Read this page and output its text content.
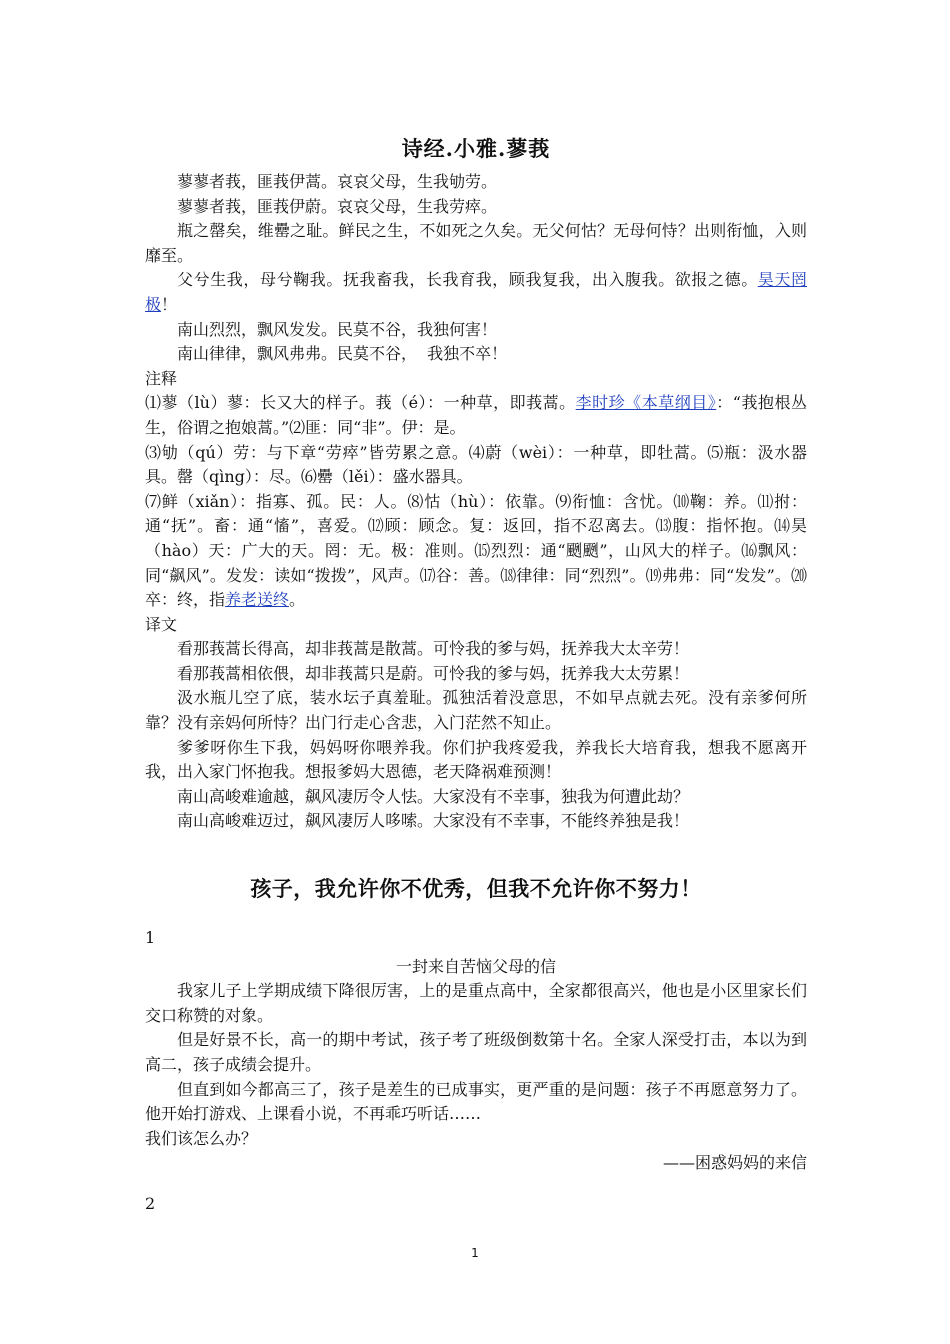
诗经.小雅.蓼莪

蓼蓼者莪，匪莪伊蒿。哀哀父母，生我劬劳。

蓼蓼者莪，匪莪伊蔚。哀哀父母，生我劳瘁。

瓶之罄矣，维罍之耻。鲜民之生，不如死之久矣。无父何怙？无母何恃？出则衔恤，入则靡至。

父兮生我，母兮鞠我。抚我畜我，长我育我，顾我复我，出入腹我。欲报之德。昊天罔极！

南山烈烈，飘风发发。民莫不谷，我独何害！

南山律律，飘风弗弗。民莫不谷，  我独不卒！

注释

⑴蓼（lù）蓼：长又大的样子。莪（é）：一种草，即莪蒿。李时珍《本草纲目》：“莪抱根丛生，俗谓之抱娘蒿。”⑵匪：同“非”。伊：是。

⑶劬（qú）劳：与下章“劳瘁”皆劳累之意。⑷蔚（wèi）：一种草，即牡蒿。⑸瓶：汲水器具。罄（qìng）：尽。⑹罍（lěi）：盛水器具。

⑺鲜（xiǎn）：指寡、孤。民：人。⑻怙（hù）：依靠。⑼衔恤：含忧。⑽鞠：养。⑾拊：通“抚”。畜：通“慉”，喜爱。⑿顾：顾念。复：返回，指不忍离去。⒀腹：指怀抱。⒁昊（hào）天：广大的天。罔：无。极：准则。⒂烈烈：通“颲颲”，山风大的样子。⒃飘风：同“飙风”。发发：读如“拨拨”，风声。⒄谷：善。⒅律律：同“烈烈”。⒆弗弗：同“发发”。⒇卒：终，指养老送终。

译文

看那莪蒿长得高，却非莪蒿是散蒿。可怜我的爹与妈，抚养我大太辛劳！

看那莪蒿相依偎，却非莪蒿只是蔚。可怜我的爹与妈，抚养我大太劳累！

汲水瓶儿空了底，装水坛子真羞耻。孤独活着没意思，不如早点就去死。没有亲爹何所靠？没有亲妈何所恃？出门行走心含悲，入门茫然不知止。

爹爹呀你生下我，妈妈呀你喂养我。你们护我疼爱我，养我长大培育我，想我不愿离开我，出入家门怀抱我。想报爹妈大恩德，老天降祸难预测！

南山高峻难逾越，飙风凄厉令人怯。大家没有不幸事，独我为何遭此劫？

南山高峻难迈过，飙风凄厉人哆嗦。大家没有不幸事，不能终养独是我！

孩子，我允许你不优秀，但我不允许你不努力！

1

一封来自苦恼父母的信

我家儿子上学期成绩下降很厉害，上的是重点高中，全家都很高兴，他也是小区里家长们交口称赞的对象。

但是好景不长，高一的期中考试，孩子考了班级倒数第十名。全家人深受打击，本以为到高二，孩子成绩会提升。

但直到如今都高三了，孩子是差生的已成事实，更严重的是问题：孩子不再愿意努力了。他开始打游戏、上课看小说，不再乖巧听话……

我们该怎么办？

——困惑妈妈的来信

2

1
